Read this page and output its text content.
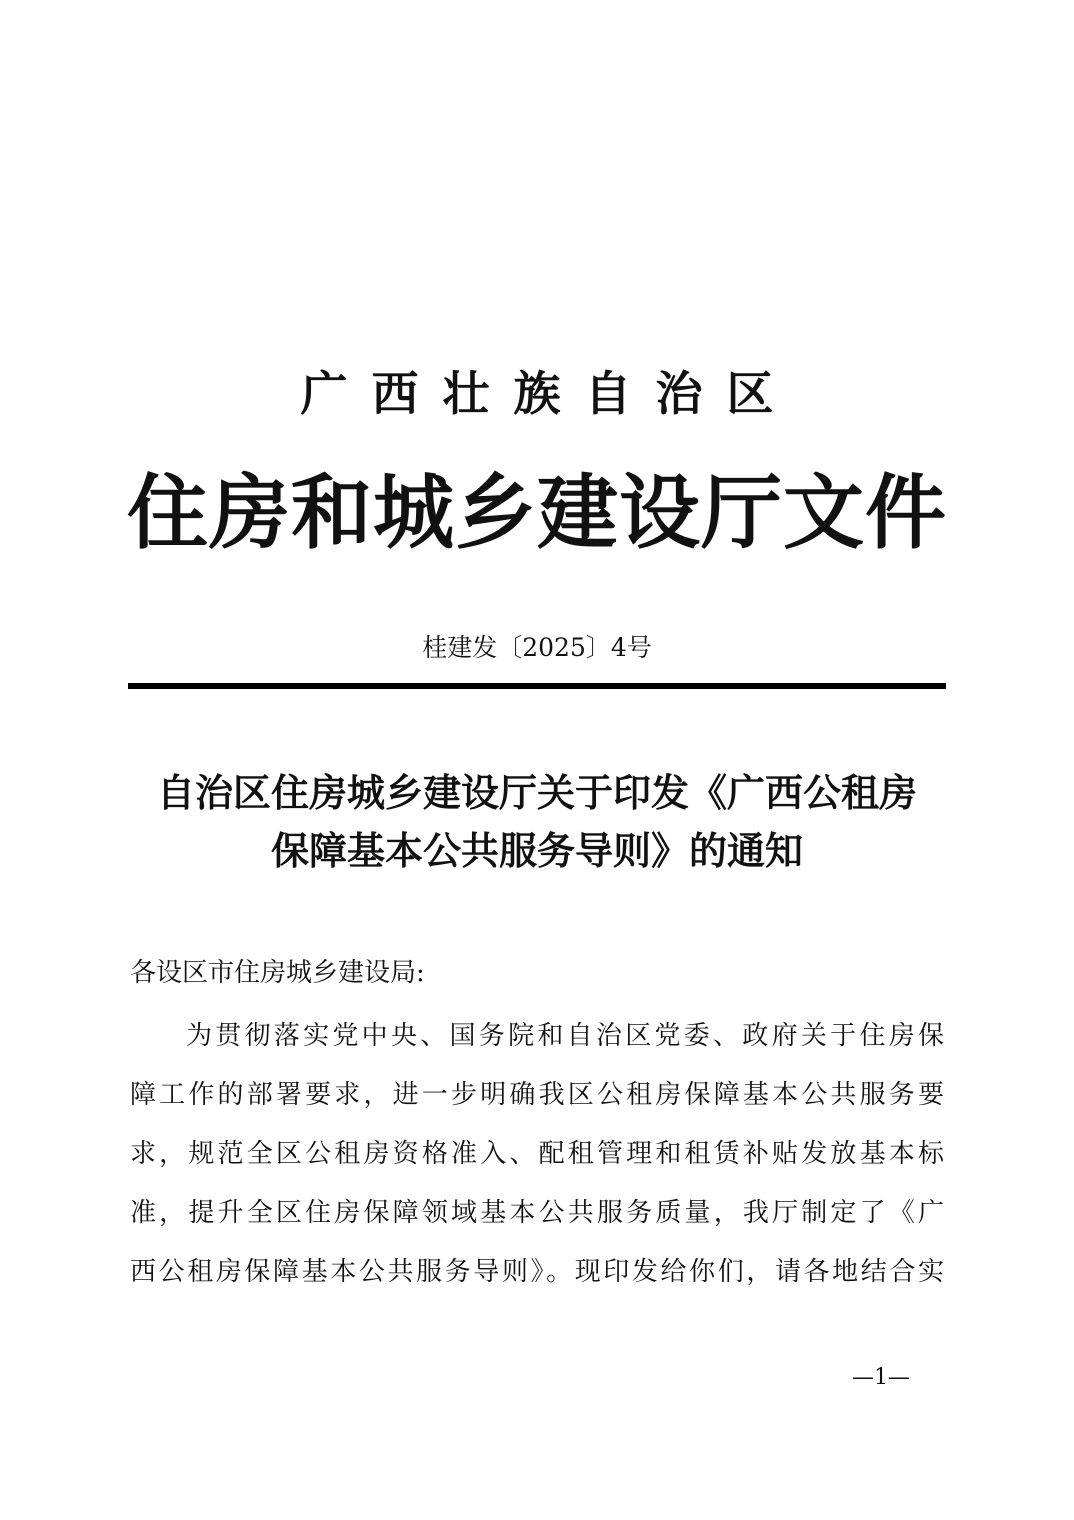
广西壮族自治区
住房和城乡建设厅文件
桂建发〔2025〕4号
自治区住房城乡建设厅关于印发《广西公租房
保障基本公共服务导则》的通知
各设区市住房城乡建设局:
为贯彻落实党中央、国务院和自治区党委、政府关于住房保
障工作的部署要求，进一步明确我区公租房保障基本公共服务要
求，规范全区公租房资格准入、配租管理和租赁补贴发放基本标
准，提升全区住房保障领域基本公共服务质量，我厅制定了《广
西公租房保障基本公共服务导则》。现印发给你们，请各地结合实
—1—
